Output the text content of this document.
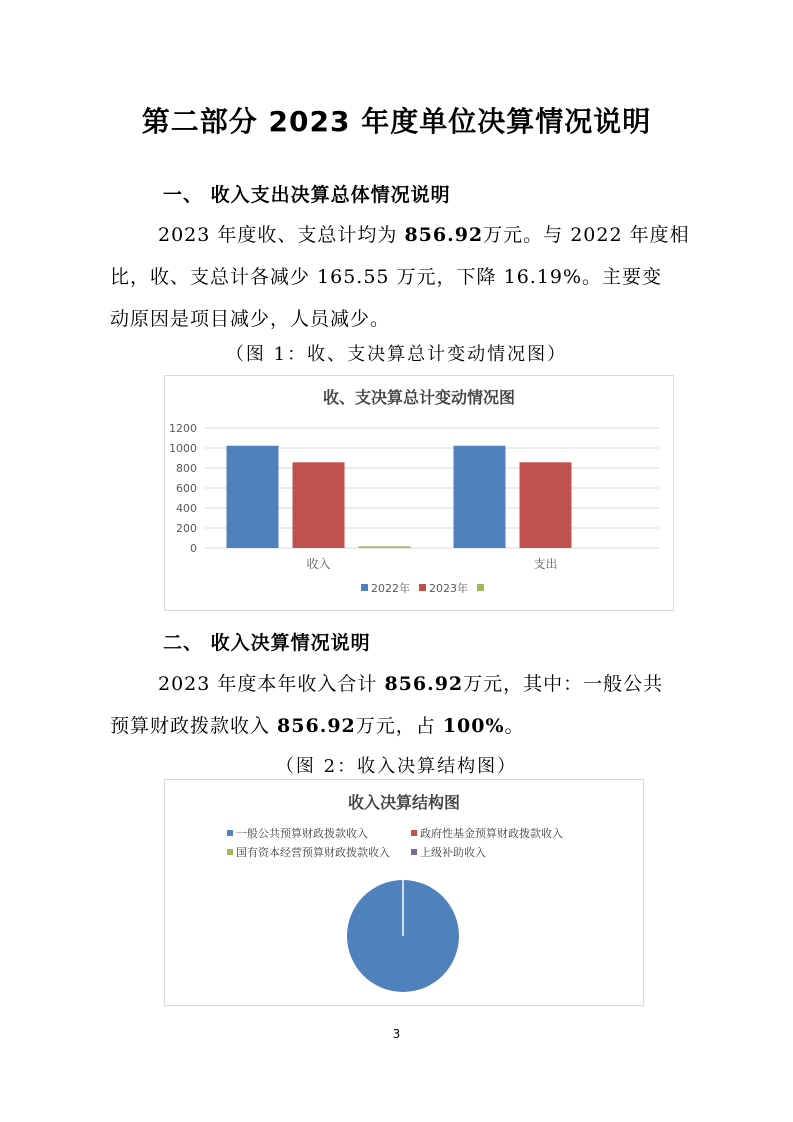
第二部分 2023 年度单位决算情况说明
一、 收入支出决算总体情况说明
2023 年度收、支总计均为 856.92万元。与 2022 年度相
比，收、支总计各减少 165.55 万元，下降 16.19%。主要变
动原因是项目减少，人员减少。
（图 1：收、支决算总计变动情况图）
收、支决算总计变动情况图
0
200
400
600
800
1000
1200
收入	支出
2022年 2023年
二、 收入决算情况说明
2023 年度本年收入合计 856.92万元，其中：一般公共
预算财政拨款收入 856.92万元，占 100%。
（图 2：收入决算结构图）
收入决算结构图
一般公共预算财政拨款收入	政府性基金预算财政拨款收入
国有资本经营预算财政拨款收入	上级补助收入
3
